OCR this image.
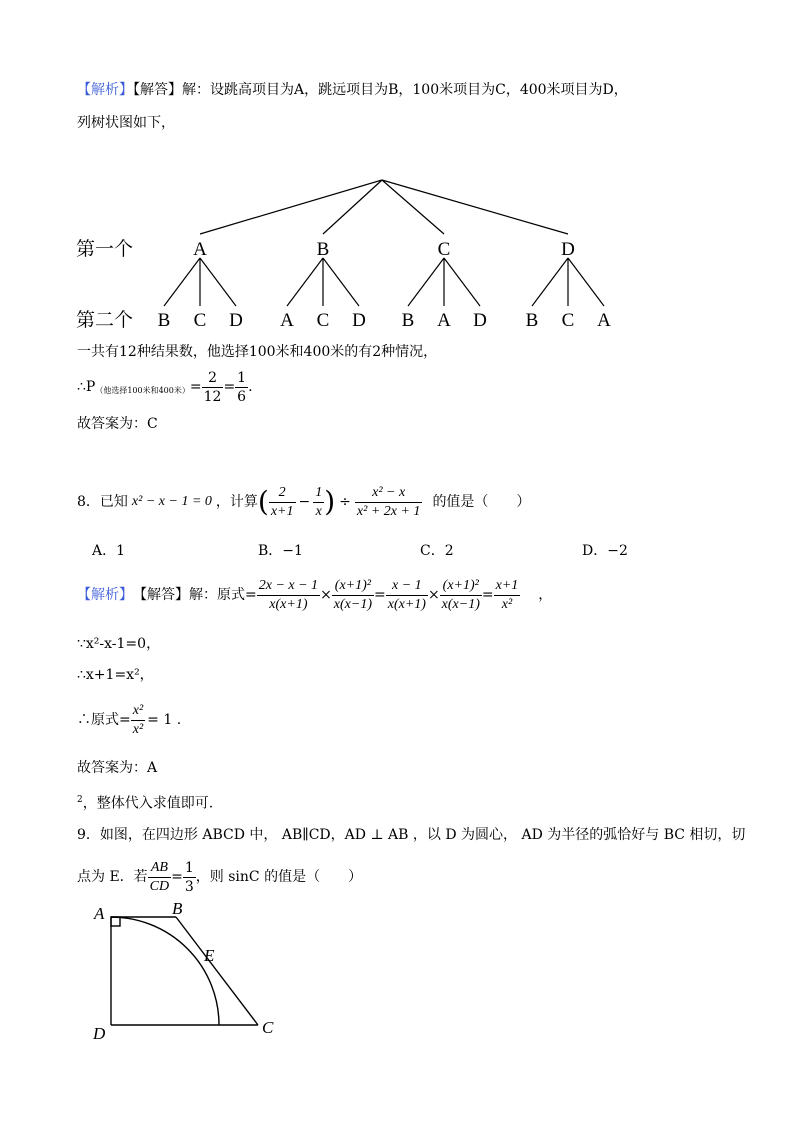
【解析】【解答】解：设跳高项目为A，跳远项目为B，100米项目为C，400米项目为D，
列树状图如下，
第一个
第二个
A	B	C	D
B C D A C D B A D B C A
一共有12种结果数，他选择100米和400米的有2种情况，
∴P （他选择100米和400米） = $\frac{2}{12} = \frac{1}{6}$ .
故答案为：C
8．已知 x² − x − 1 = 0 ，计算 ( $\frac{2}{x+1} - \frac{1}{x}$ ) ÷ $\frac{\text{x² − x}}{\text{x² + 2x + 1}}$ 的值是（　　）
A．1	B．−1	C．2	D．−2
【解析】 【解答】 解：原式= $\frac{2x - x - 1}{x(x+1)} \times \frac{\text{(x+1)²}}{x(x-1)} = \frac{x - 1}{x(x+1)} \times \frac{\text{(x+1)²}}{x(x-1)} = \frac{x+1}{\text{x²}}$ ，
∵x²-x-1=0，
∴x+1=x²，
∴原式= $\frac{\text{x²}}{\text{x²}} = 1$ .
故答案为：A
$^2$，整体代入求值即可.
9．如图，在四边形 ABCD 中， AB∥CD，AD ⊥ AB ，以 D 为圆心， AD 为半径的弧恰好与 BC 相切，切
点为 E．若 $\frac{AB}{CD} = \frac{1}{3}$ ，则 sinC 的值是（　　）
A	B
E
D	C
